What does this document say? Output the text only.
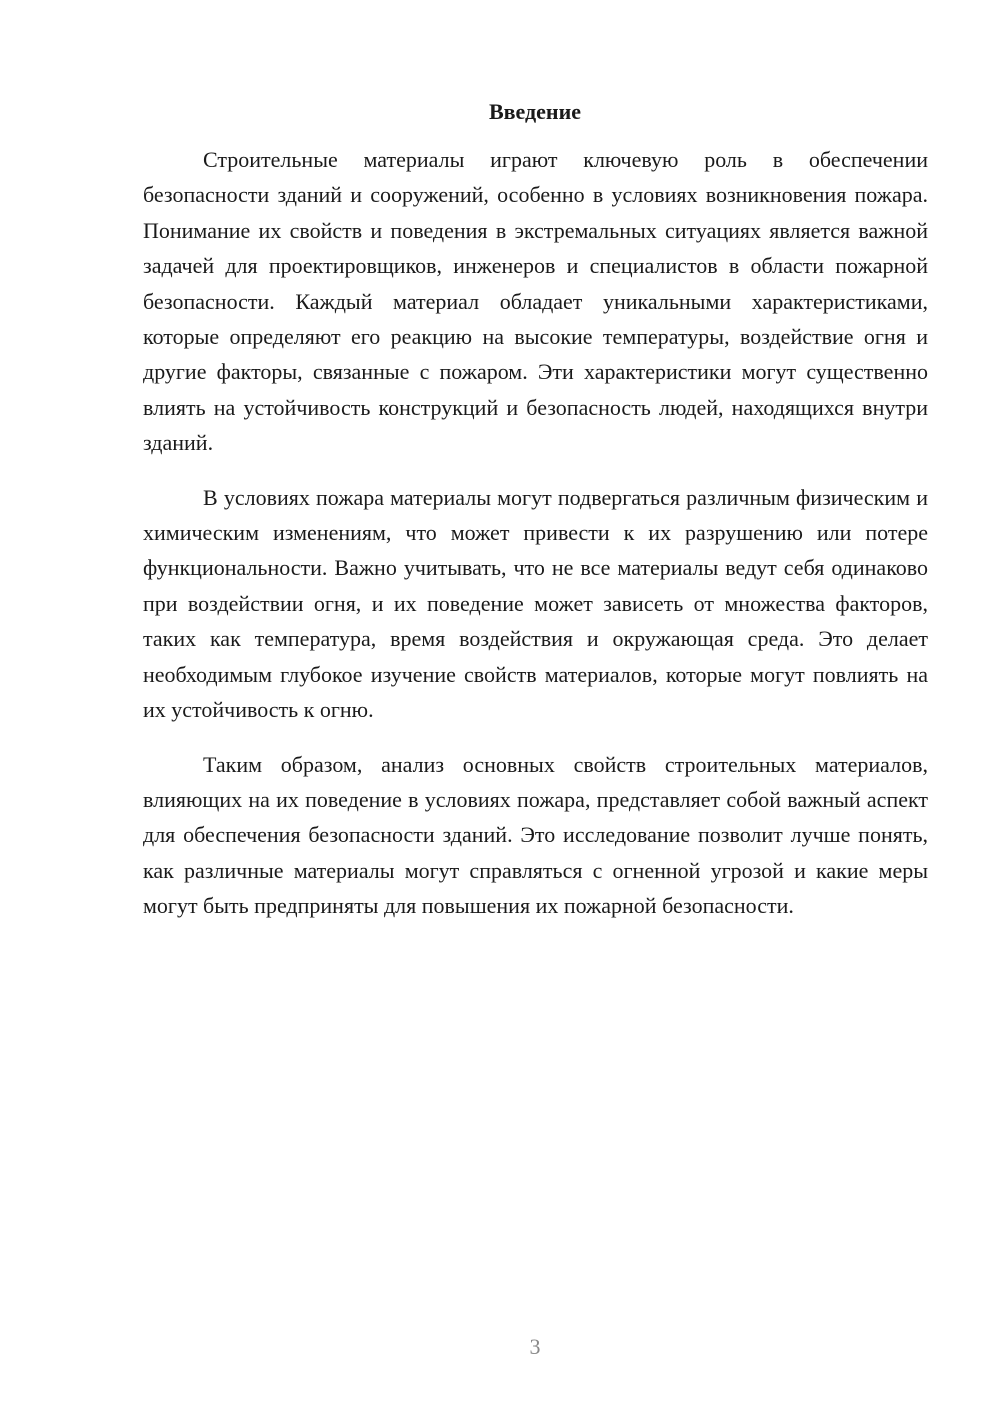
Введение

Строительные материалы играют ключевую роль в обеспечении безопасности зданий и сооружений, особенно в условиях возникновения пожара. Понимание их свойств и поведения в экстремальных ситуациях является важной задачей для проектировщиков, инженеров и специалистов в области пожарной безопасности. Каждый материал обладает уникальными характеристиками, которые определяют его реакцию на высокие температуры, воздействие огня и другие факторы, связанные с пожаром. Эти характеристики могут существенно влиять на устойчивость конструкций и безопасность людей, находящихся внутри зданий.

В условиях пожара материалы могут подвергаться различным физическим и химическим изменениям, что может привести к их разрушению или потере функциональности. Важно учитывать, что не все материалы ведут себя одинаково при воздействии огня, и их поведение может зависеть от множества факторов, таких как температура, время воздействия и окружающая среда. Это делает необходимым глубокое изучение свойств материалов, которые могут повлиять на их устойчивость к огню.

Таким образом, анализ основных свойств строительных материалов, влияющих на их поведение в условиях пожара, представляет собой важный аспект для обеспечения безопасности зданий. Это исследование позволит лучше понять, как различные материалы могут справляться с огненной угрозой и какие меры могут быть предприняты для повышения их пожарной безопасности.

3
